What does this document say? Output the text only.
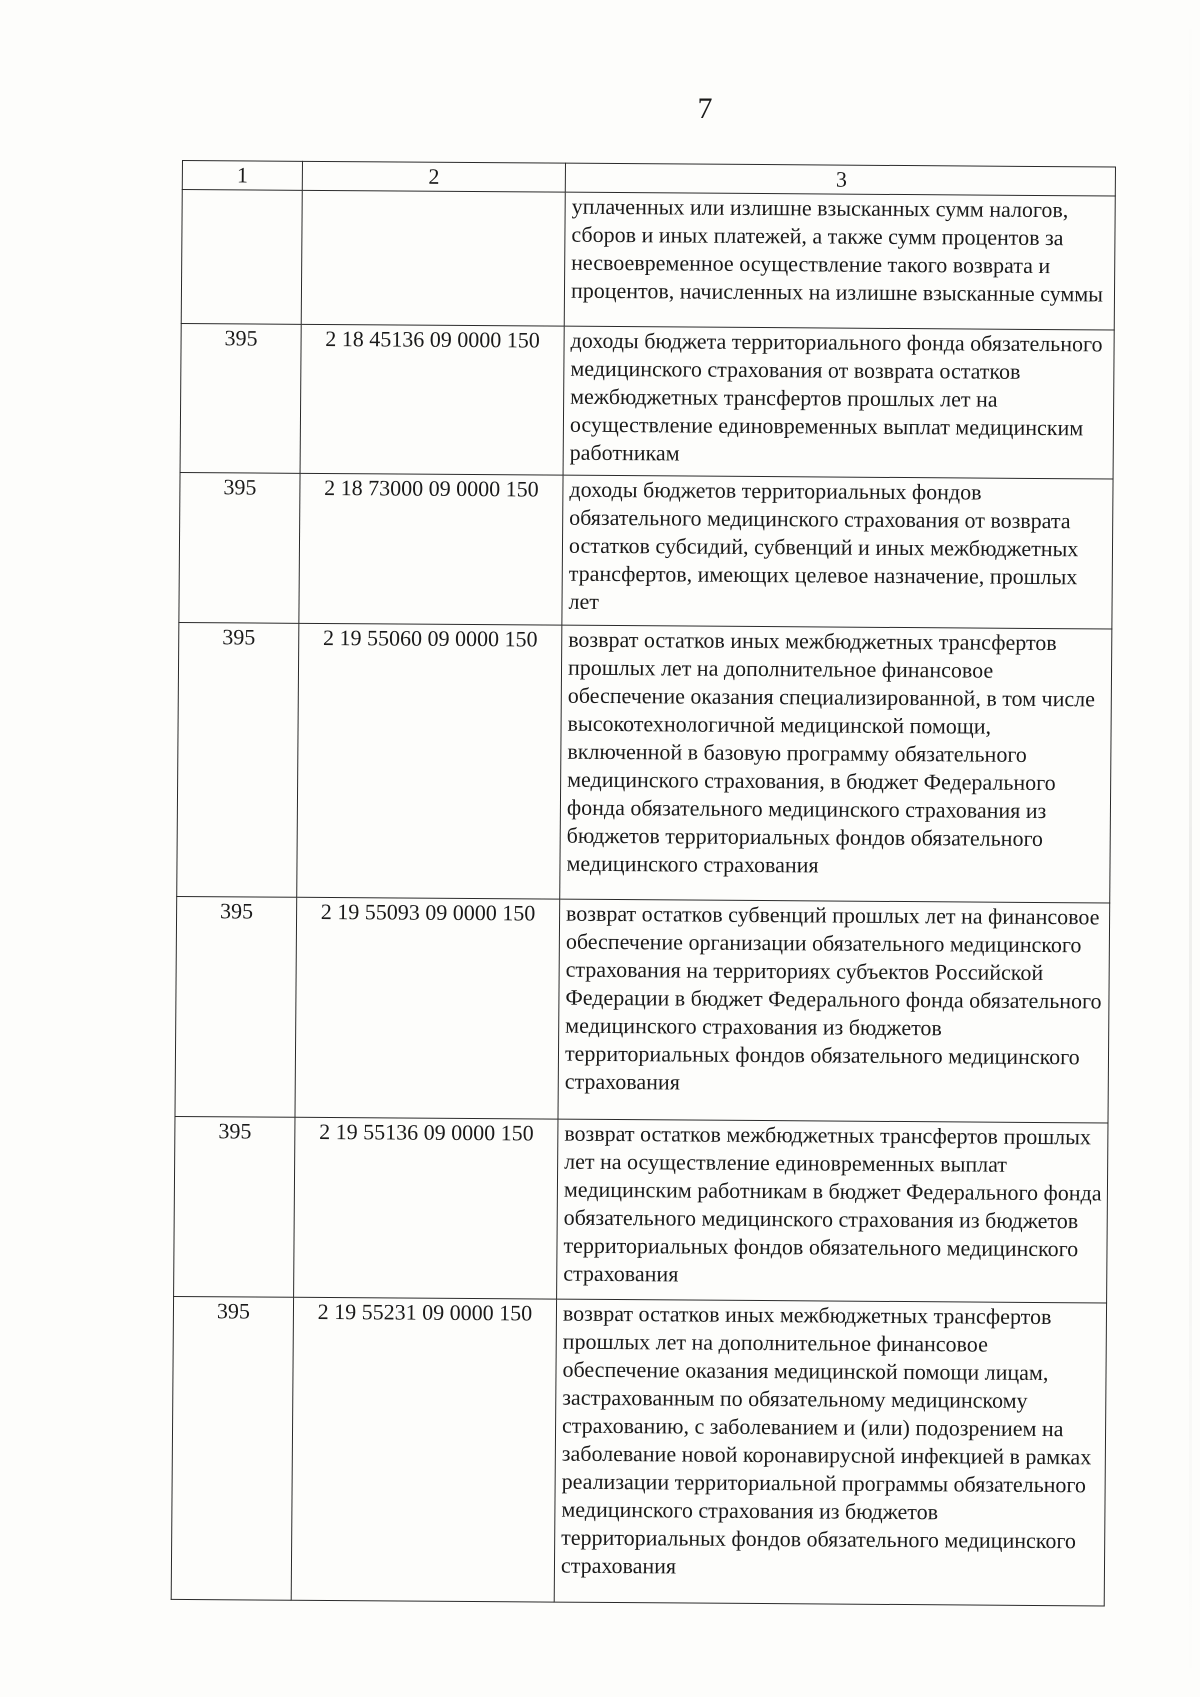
7
1	2	3
		уплаченных или излишне взысканных сумм налогов, сборов и иных платежей, а также сумм процентов за несвоевременное осуществление такого возврата и процентов, начисленных на излишне взысканные суммы
395	2 18 45136 09 0000 150	доходы бюджета территориального фонда обязательного медицинского страхования от возврата остатков межбюджетных трансфертов прошлых лет на осуществление единовременных выплат медицинским работникам
395	2 18 73000 09 0000 150	доходы бюджетов территориальных фондов обязательного медицинского страхования от возврата остатков субсидий, субвенций и иных межбюджетных трансфертов, имеющих целевое назначение, прошлых лет
395	2 19 55060 09 0000 150	возврат остатков иных межбюджетных трансфертов прошлых лет на дополнительное финансовое обеспечение оказания специализированной, в том числе высокотехнологичной медицинской помощи, включенной в базовую программу обязательного медицинского страхования, в бюджет Федерального фонда обязательного медицинского страхования из бюджетов территориальных фондов обязательного медицинского страхования
395	2 19 55093 09 0000 150	возврат остатков субвенций прошлых лет на финансовое обеспечение организации обязательного медицинского страхования на территориях субъектов Российской Федерации в бюджет Федерального фонда обязательного медицинского страхования из бюджетов территориальных фондов обязательного медицинского страхования
395	2 19 55136 09 0000 150	возврат остатков межбюджетных трансфертов прошлых лет на осуществление единовременных выплат медицинским работникам в бюджет Федерального фонда обязательного медицинского страхования из бюджетов территориальных фондов обязательного медицинского страхования
395	2 19 55231 09 0000 150	возврат остатков иных межбюджетных трансфертов прошлых лет на дополнительное финансовое обеспечение оказания медицинской помощи лицам, застрахованным по обязательному медицинскому страхованию, с заболеванием и (или) подозрением на заболевание новой коронавирусной инфекцией в рамках реализации территориальной программы обязательного медицинского страхования из бюджетов территориальных фондов обязательного медицинского страхования
